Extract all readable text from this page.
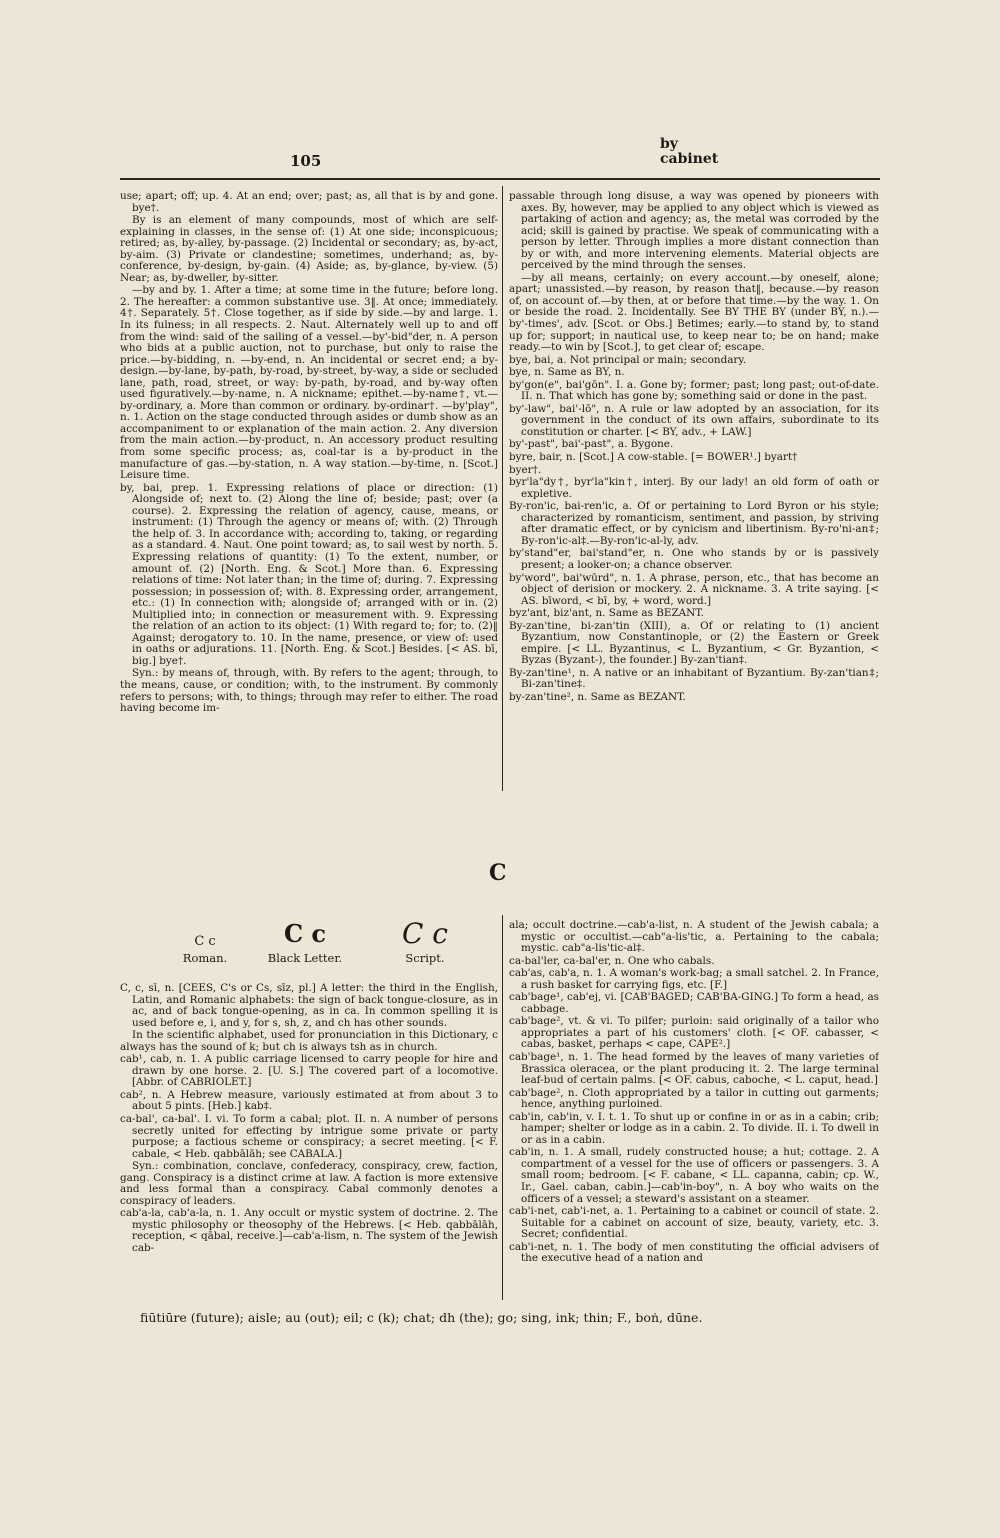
105
by
cabinet

use; apart; off; up. 4. At an end; over; past; as, all that is by and gone. bye†.

By is an element of many compounds, most of which are self-explaining in classes, in the sense of: (1) At one side; inconspicuous; retired; as, by-alley, by-passage. (2) Incidental or secondary; as, by-act, by-aim. (3) Private or clandestine; sometimes, underhand; as, by-conference, by-design, by-gain. (4) Aside; as, by-glance, by-view. (5) Near; as, by-dweller, by-sitter.

—by and by. 1. After a time; at some time in the future; before long. 2. The hereafter: a common substantive use. 3‖. At once; immediately. 4†. Separately. 5†. Close together, as if side by side.—by and large. 1. In its fulness; in all respects. 2. Naut. Alternately well up to and off from the wind: said of the sailing of a vessel.—by'-bid"der, n. A person who bids at a public auction, not to purchase, but only to raise the price.—by-bidding, n. —by-end, n. An incidental or secret end; a by-design.—by-lane, by-path, by-road, by-street, by-way, a side or secluded lane, path, road, street, or way: by-path, by-road, and by-way often used figuratively.—by-name, n. A nickname; epithet.—by-name†, vt.—by-ordinary, a. More than common or ordinary. by-ordinar†. —by'play", n. 1. Action on the stage conducted through asides or dumb show as an accompaniment to or explanation of the main action. 2. Any diversion from the main action.—by-product, n. An accessory product resulting from some specific process; as, coal-tar is a by-product in the manufacture of gas.—by-station, n. A way station.—by-time, n. [Scot.] Leisure time.

by, bai, prep. 1. Expressing relations of place or direction: (1) Alongside of; next to. (2) Along the line of; beside; past; over (a course). 2. Expressing the relation of agency, cause, means, or instrument: (1) Through the agency or means of; with. (2) Through the help of. 3. In accordance with; according to, taking, or regarding as a standard. 4. Naut. One point toward; as, to sail west by north. 5. Expressing relations of quantity: (1) To the extent, number, or amount of. (2) [North. Eng. & Scot.] More than. 6. Expressing relations of time: Not later than; in the time of; during. 7. Expressing possession; in possession of; with. 8. Expressing order, arrangement, etc.: (1) In connection with; alongside of; arranged with or in. (2) Multiplied into; in connection or measurement with. 9. Expressing the relation of an action to its object: (1) With regard to; for; to. (2)‖ Against; derogatory to. 10. In the name, presence, or view of: used in oaths or adjurations. 11. [North. Eng. & Scot.] Besides. [< AS. bī, big.] bye†.

Syn.: by means of, through, with. By refers to the agent; through, to the means, cause, or condition; with, to the instrument. By commonly refers to persons; with, to things; through may refer to either. The road having become im-

passable through long disuse, a way was opened by pioneers with axes. By, however, may be applied to any object which is viewed as partaking of action and agency; as, the metal was corroded by the acid; skill is gained by practise. We speak of communicating with a person by letter. Through implies a more distant connection than by or with, and more intervening elements. Material objects are perceived by the mind through the senses.

—by all means, certainly; on every account.—by oneself, alone; apart; unassisted.—by reason, by reason that‖, because.—by reason of, on account of.—by then, at or before that time.—by the way. 1. On or beside the road. 2. Incidentally. See BY THE BY (under BY, n.).—by'-times', adv. [Scot. or Obs.] Betimes; early.—to stand by, to stand up for; support; in nautical use, to keep near to; be on hand; make ready.—to win by [Scot.], to get clear of; escape.

bye, bai, a. Not principal or main; secondary.

bye, n. Same as BY, n.

by'gon(e", bai'gōn". I. a. Gone by; former; past; long past; out-of-date. II. n. That which has gone by; something said or done in the past.

by'-law", bai'-lō", n. A rule or law adopted by an association, for its government in the conduct of its own affairs, subordinate to its constitution or charter. [< BY, adv., + LAW.]

by'-past", bai'-past", a. Bygone.

byre, bair, n. [Scot.] A cow-stable. [= BOWER¹.] byart†

byer†.

byr'la"dy†, byr'la"kin†, interj. By our lady! an old form of oath or expletive.

By-ron'ic, bai-ren'ic, a. Of or pertaining to Lord Byron or his style; characterized by romanticism, sentiment, and passion, by striving after dramatic effect, or by cynicism and libertinism. By-ro'ni-an‡; By-ron'ic-al‡.—By-ron'ic-al-ly, adv.

by'stand"er, bai'stand"er, n. One who stands by or is passively present; a looker-on; a chance observer.

by'word", bai'wūrd", n. 1. A phrase, person, etc., that has become an object of derision or mockery. 2. A nickname. 3. A trite saying. [< AS. bīword, < bī, by, + word, word.]

byz'ant, biz'ant, n. Same as BEZANT.

By-zan'tine, bi-zan'tin (XIII), a. Of or relating to (1) ancient Byzantium, now Constantinople, or (2) the Eastern or Greek empire. [< LL. Byzantinus, < L. Byzantium, < Gr. Byzantion, < Byzas (Byzant-), the founder.] By-zan'tian‡.

By-zan'tine¹, n. A native or an inhabitant of Byzantium. By-zan'tian‡; Bi-zan'tine‡.

by-zan'tine², n. Same as BEZANT.

C
C c
Roman.
C c
Black Letter.
C c
Script.

C, c, sī, n. [CEES, C's or Cs, sīz, pl.] A letter: the third in the English, Latin, and Romanic alphabets: the sign of back tongue-closure, as in ac, and of back tongue-opening, as in ca. In common spelling it is used before e, i, and y, for s, sh, z, and ch has other sounds.

In the scientific alphabet, used for pronunciation in this Dictionary, c always has the sound of k; but ch is always tsh as in church.

cab¹, cab, n. 1. A public carriage licensed to carry people for hire and drawn by one horse. 2. [U. S.] The covered part of a locomotive. [Abbr. of CABRIOLET.]

cab², n. A Hebrew measure, variously estimated at from about 3 to about 5 pints. [Heb.] kab‡.

ca-bal', ca-bal'. I. vi. To form a cabal; plot. II. n. A number of persons secretly united for effecting by intrigue some private or party purpose; a factious scheme or conspiracy; a secret meeting. [< F. cabale, < Heb. qabbālāh; see CABALA.]

Syn.: combination, conclave, confederacy, conspiracy, crew, faction, gang. Conspiracy is a distinct crime at law. A faction is more extensive and less formal than a conspiracy. Cabal commonly denotes a conspiracy of leaders.

cab'a-la, cab'a-la, n. 1. Any occult or mystic system of doctrine. 2. The mystic philosophy or theosophy of the Hebrews. [< Heb. qabbālāh, reception, < qābal, receive.]—cab'a-lism, n. The system of the Jewish cab-

ala; occult doctrine.—cab'a-list, n. A student of the Jewish cabala; a mystic or occultist.—cab"a-lis'tic, a. Pertaining to the cabala; mystic. cab"a-lis'tic-al‡.

ca-bal'ler, ca-bal'er, n. One who cabals.

cab'as, cab'a, n. 1. A woman's work-bag; a small satchel. 2. In France, a rush basket for carrying figs, etc. [F.]

cab'bage¹, cab'ej, vi. [CAB'BAGED; CAB'BA-GING.] To form a head, as cabbage.

cab'bage², vt. & vi. To pilfer; purloin: said originally of a tailor who appropriates a part of his customers' cloth. [< OF. cabasser, < cabas, basket, perhaps < cape, CAPE².]

cab'bage¹, n. 1. The head formed by the leaves of many varieties of Brassica oleracea, or the plant producing it. 2. The large terminal leaf-bud of certain palms. [< OF. cabus, caboche, < L. caput, head.]

cab'bage², n. Cloth appropriated by a tailor in cutting out garments; hence, anything purloined.

cab'in, cab'in, v. I. t. 1. To shut up or confine in or as in a cabin; crib; hamper; shelter or lodge as in a cabin. 2. To divide. II. i. To dwell in or as in a cabin.

cab'in, n. 1. A small, rudely constructed house; a hut; cottage. 2. A compartment of a vessel for the use of officers or passengers. 3. A small room; bedroom. [< F. cabane, < LL. capanna, cabin; cp. W., Ir., Gael. caban, cabin.]—cab'in-boy", n. A boy who waits on the officers of a vessel; a steward's assistant on a steamer.

cab'i-net, cab'i-net, a. 1. Pertaining to a cabinet or council of state. 2. Suitable for a cabinet on account of size, beauty, variety, etc. 3. Secret; confidential.

cab'i-net, n. 1. The body of men constituting the official advisers of the executive head of a nation and

fiūtiūre (future); aisle; au (out); eil; c (k); chat; dh (the); go; sing, ink; thin; F., boṅ, dūne.
